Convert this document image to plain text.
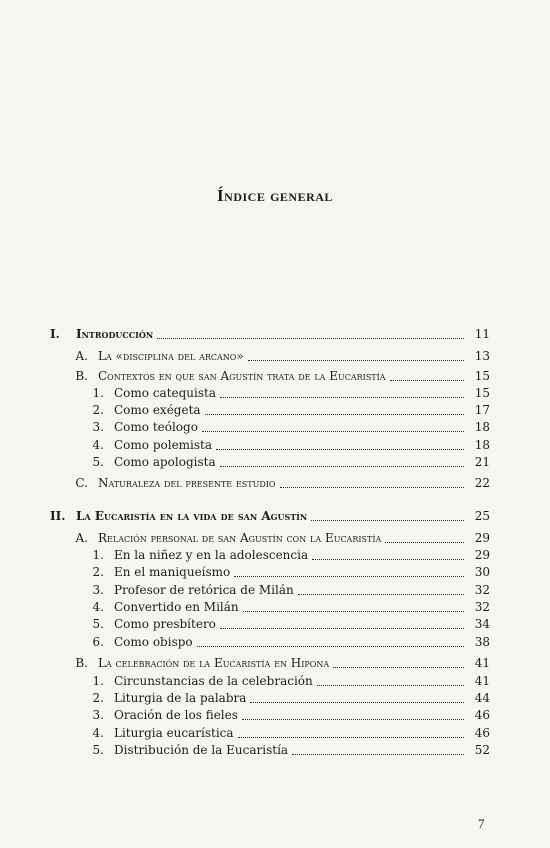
Índice general
I.	Introducción	11
A. La «disciplina del arcano»	13
B. Contextos en que san Agustín trata de la Eucaristía	15
1. Como catequista	15
2. Como exégeta	17
3. Como teólogo	18
4. Como polemista	18
5. Como apologista	21
C. Naturaleza del presente estudio	22
II. La Eucaristía en la vida de san Agustín	25
A. Relación personal de san Agustín con la Eucaristía	29
1. En la niñez y en la adolescencia	29
2. En el maniqueísmo	30
3. Profesor de retórica de Milán	32
4. Convertido en Milán	32
5. Como presbítero	34
6. Como obispo	38
B. La celebración de la Eucaristía en Hipona	41
1. Circunstancias de la celebración	41
2. Liturgia de la palabra	44
3. Oración de los fieles	46
4. Liturgia eucarística	46
5. Distribución de la Eucaristía	52
7
